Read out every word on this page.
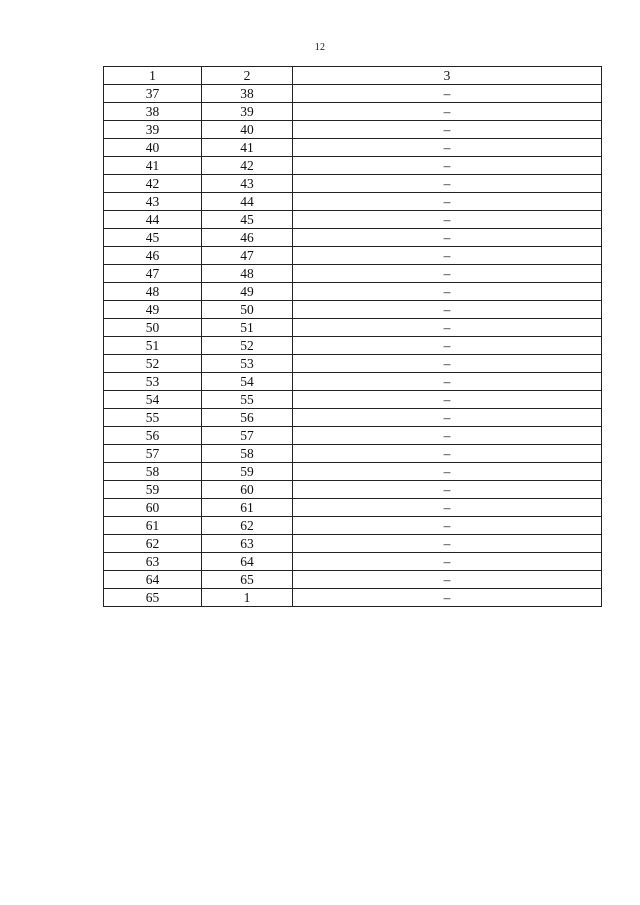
12
1	2	3
37	38	–
38	39	–
39	40	–
40	41	–
41	42	–
42	43	–
43	44	–
44	45	–
45	46	–
46	47	–
47	48	–
48	49	–
49	50	–
50	51	–
51	52	–
52	53	–
53	54	–
54	55	–
55	56	–
56	57	–
57	58	–
58	59	–
59	60	–
60	61	–
61	62	–
62	63	–
63	64	–
64	65	–
65	1	–
